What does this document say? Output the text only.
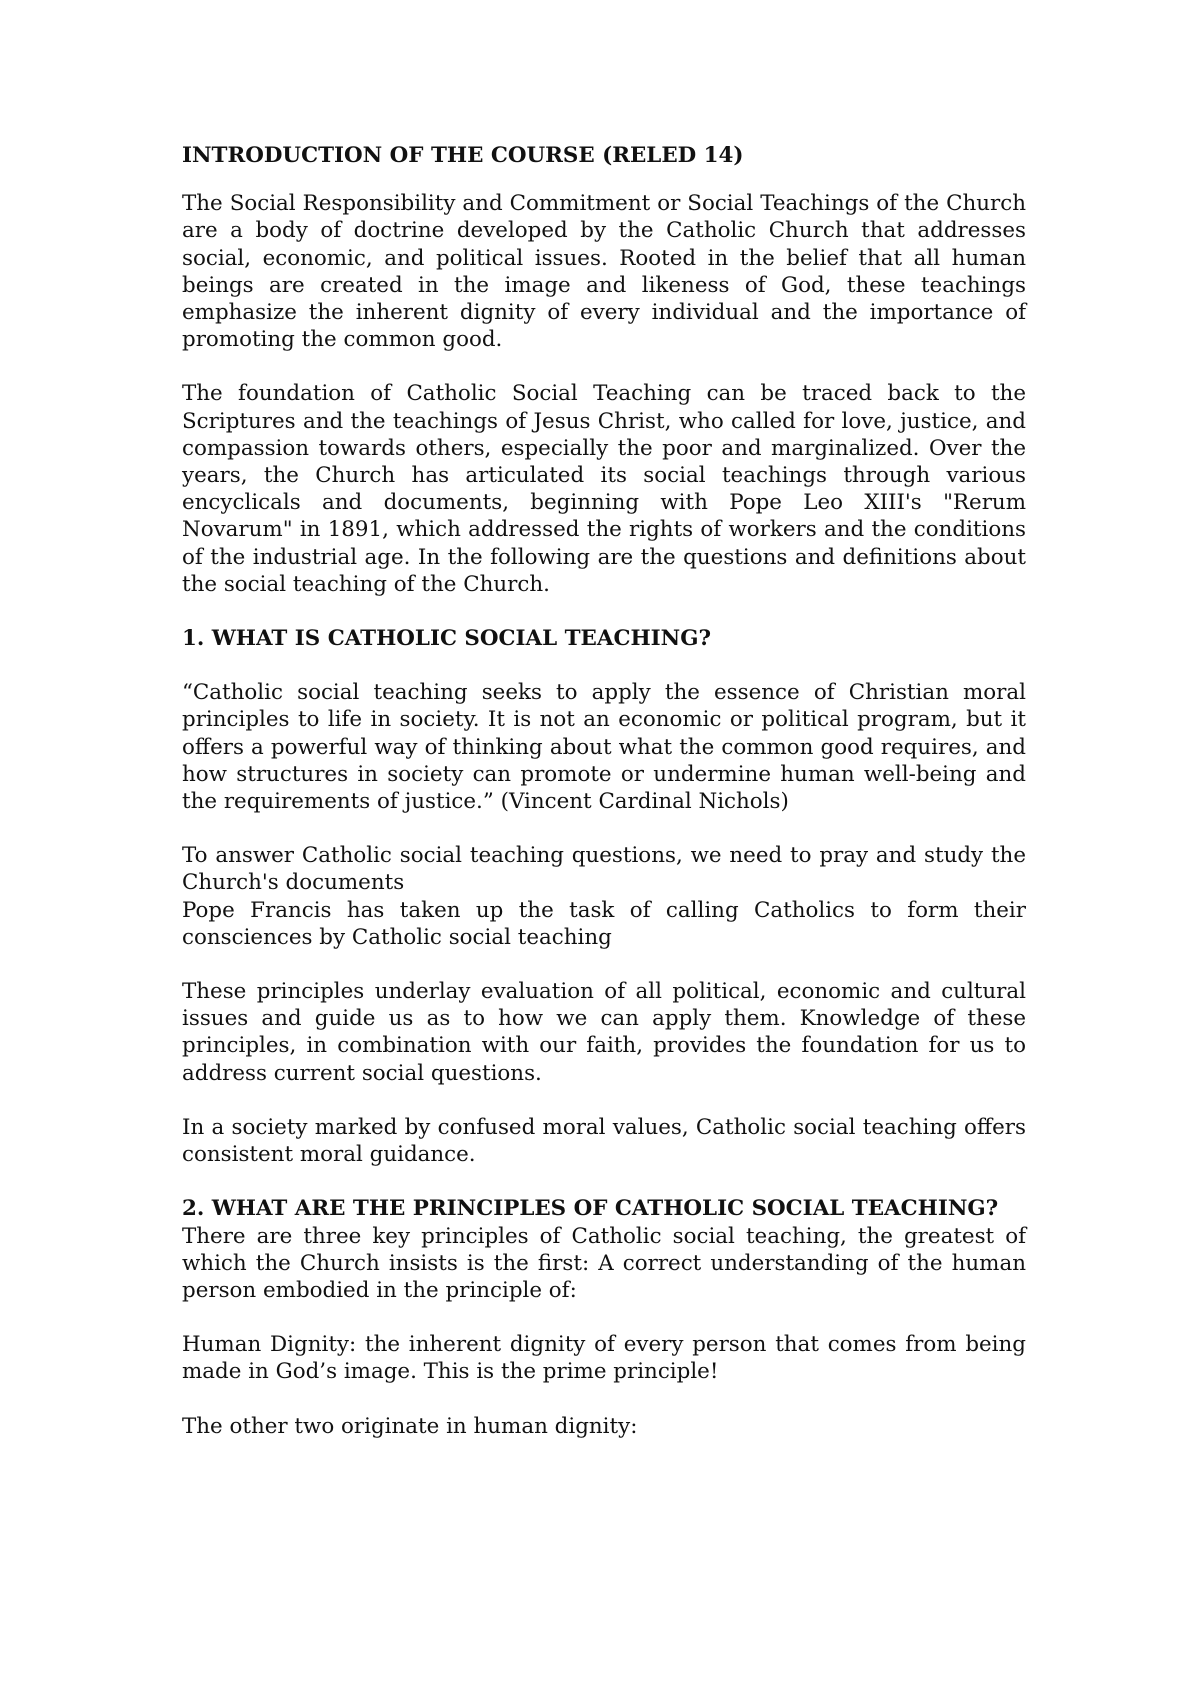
INTRODUCTION OF THE COURSE (RELED 14)

The Social Responsibility and Commitment or Social Teachings of the Church are a body of doctrine developed by the Catholic Church that addresses social, economic, and political issues. Rooted in the belief that all human beings are created in the image and likeness of God, these teachings emphasize the inherent dignity of every individual and the importance of promoting the common good.

The foundation of Catholic Social Teaching can be traced back to the Scriptures and the teachings of Jesus Christ, who called for love, justice, and compassion towards others, especially the poor and marginalized. Over the years, the Church has articulated its social teachings through various encyclicals and documents, beginning with Pope Leo XIII's "Rerum Novarum" in 1891, which addressed the rights of workers and the conditions of the industrial age. In the following are the questions and definitions about the social teaching of the Church.

1. WHAT IS CATHOLIC SOCIAL TEACHING?

“Catholic social teaching seeks to apply the essence of Christian moral principles to life in society. It is not an economic or political program, but it offers a powerful way of thinking about what the common good requires, and how structures in society can promote or undermine human well-being and the requirements of justice.” (Vincent Cardinal Nichols)

To answer Catholic social teaching questions, we need to pray and study the Church's documents

Pope Francis has taken up the task of calling Catholics to form their consciences by Catholic social teaching

These principles underlay evaluation of all political, economic and cultural issues and guide us as to how we can apply them. Knowledge of these principles, in combination with our faith, provides the foundation for us to address current social questions.

In a society marked by confused moral values, Catholic social teaching offers consistent moral guidance.

2. WHAT ARE THE PRINCIPLES OF CATHOLIC SOCIAL TEACHING?

There are three key principles of Catholic social teaching, the greatest of which the Church insists is the first: A correct understanding of the human person embodied in the principle of:

Human Dignity: the inherent dignity of every person that comes from being made in God’s image. This is the prime principle!

The other two originate in human dignity:
